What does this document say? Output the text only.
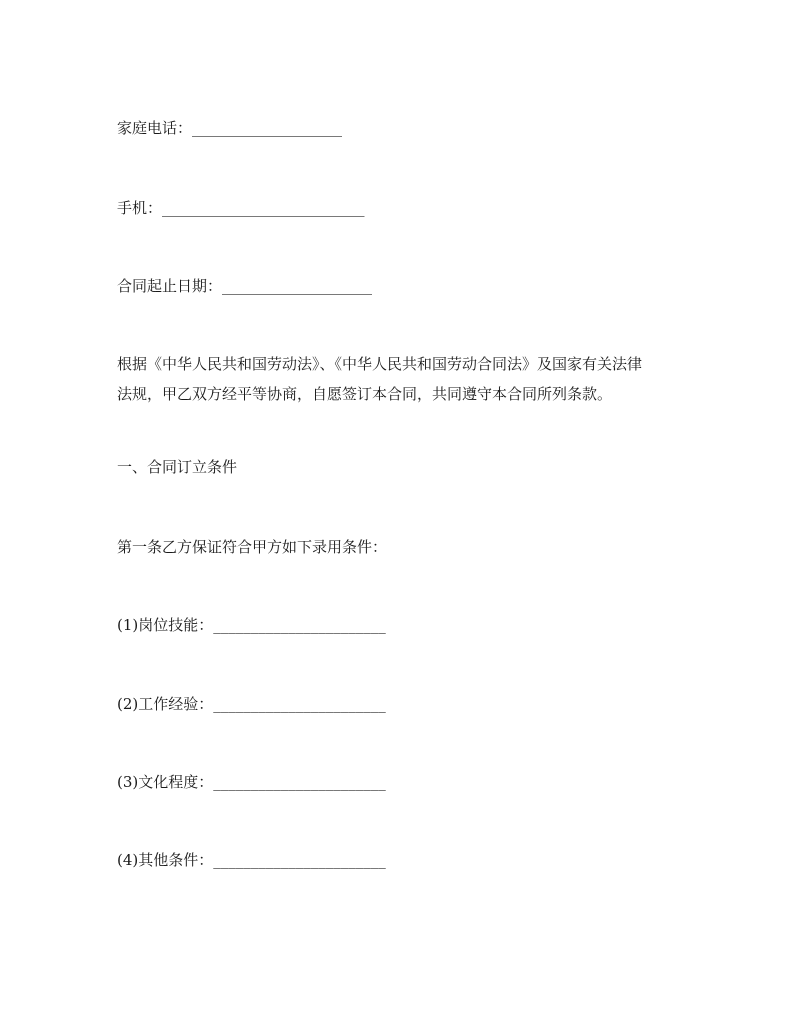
家庭电话：____________________
手机：___________________________
合同起止日期：____________________
根据《中华人民共和国劳动法》、《中华人民共和国劳动合同法》及国家有关法律
法规，甲乙双方经平等协商，自愿签订本合同，共同遵守本合同所列条款。
一、合同订立条件
第一条乙方保证符合甲方如下录用条件：
(1)岗位技能：_______________________
(2)工作经验：_______________________
(3)文化程度：_______________________
(4)其他条件：_______________________
